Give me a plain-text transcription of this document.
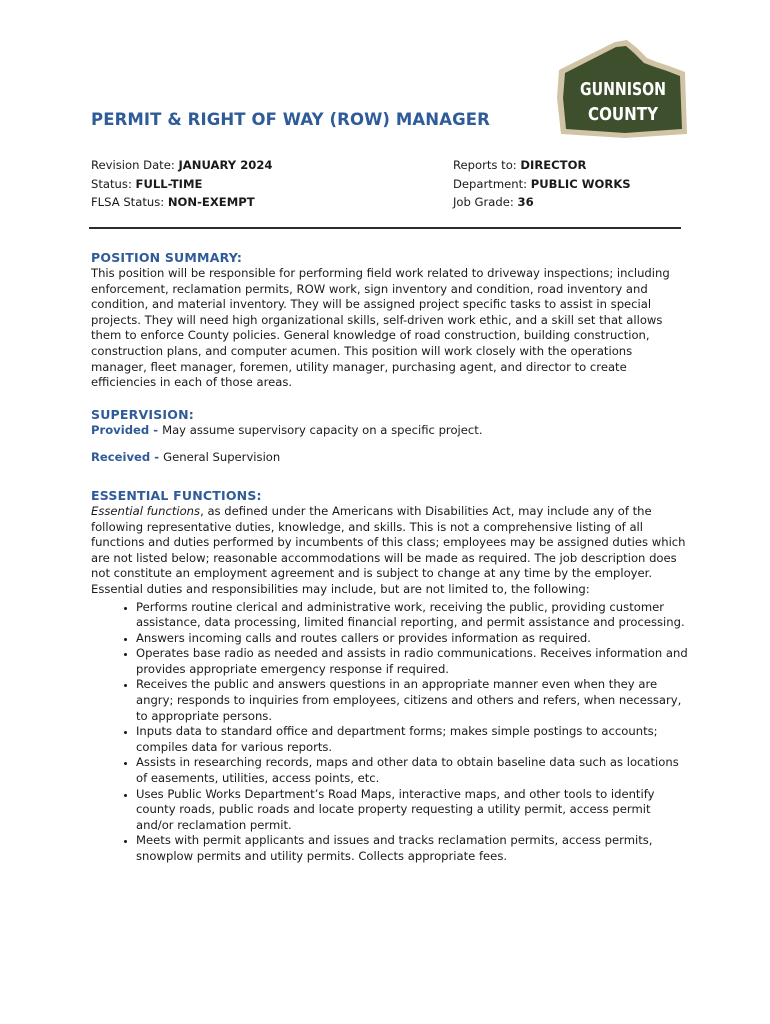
GUNNISON
COUNTY
PERMIT & RIGHT OF WAY (ROW) MANAGER
Revision Date: JANUARY 2024
Status: FULL-TIME
FLSA Status: NON-EXEMPT
Reports to: DIRECTOR
Department: PUBLIC WORKS
Job Grade: 36
POSITION SUMMARY:

This position will be responsible for performing field work related to driveway inspections; including enforcement, reclamation permits, ROW work, sign inventory and condition, road inventory and condition, and material inventory. They will be assigned project specific tasks to assist in special projects. They will need high organizational skills, self-driven work ethic, and a skill set that allows them to enforce County policies. General knowledge of road construction, building construction, construction plans, and computer acumen. This position will work closely with the operations manager, fleet manager, foremen, utility manager, purchasing agent, and director to create efficiencies in each of those areas.

SUPERVISION:

Provided - May assume supervisory capacity on a specific project.

Received - General Supervision

ESSENTIAL FUNCTIONS:

Essential functions, as defined under the Americans with Disabilities Act, may include any of the following representative duties, knowledge, and skills. This is not a comprehensive listing of all functions and duties performed by incumbents of this class; employees may be assigned duties which are not listed below; reasonable accommodations will be made as required. The job description does not constitute an employment agreement and is subject to change at any time by the employer. Essential duties and responsibilities may include, but are not limited to, the following:

• Performs routine clerical and administrative work, receiving the public, providing customer assistance, data processing, limited financial reporting, and permit assistance and processing.
• Answers incoming calls and routes callers or provides information as required.
• Operates base radio as needed and assists in radio communications. Receives information and provides appropriate emergency response if required.
• Receives the public and answers questions in an appropriate manner even when they are angry; responds to inquiries from employees, citizens and others and refers, when necessary, to appropriate persons.
• Inputs data to standard office and department forms; makes simple postings to accounts; compiles data for various reports.
• Assists in researching records, maps and other data to obtain baseline data such as locations of easements, utilities, access points, etc.
• Uses Public Works Department’s Road Maps, interactive maps, and other tools to identify county roads, public roads and locate property requesting a utility permit, access permit and/or reclamation permit.
• Meets with permit applicants and issues and tracks reclamation permits, access permits, snowplow permits and utility permits. Collects appropriate fees.
